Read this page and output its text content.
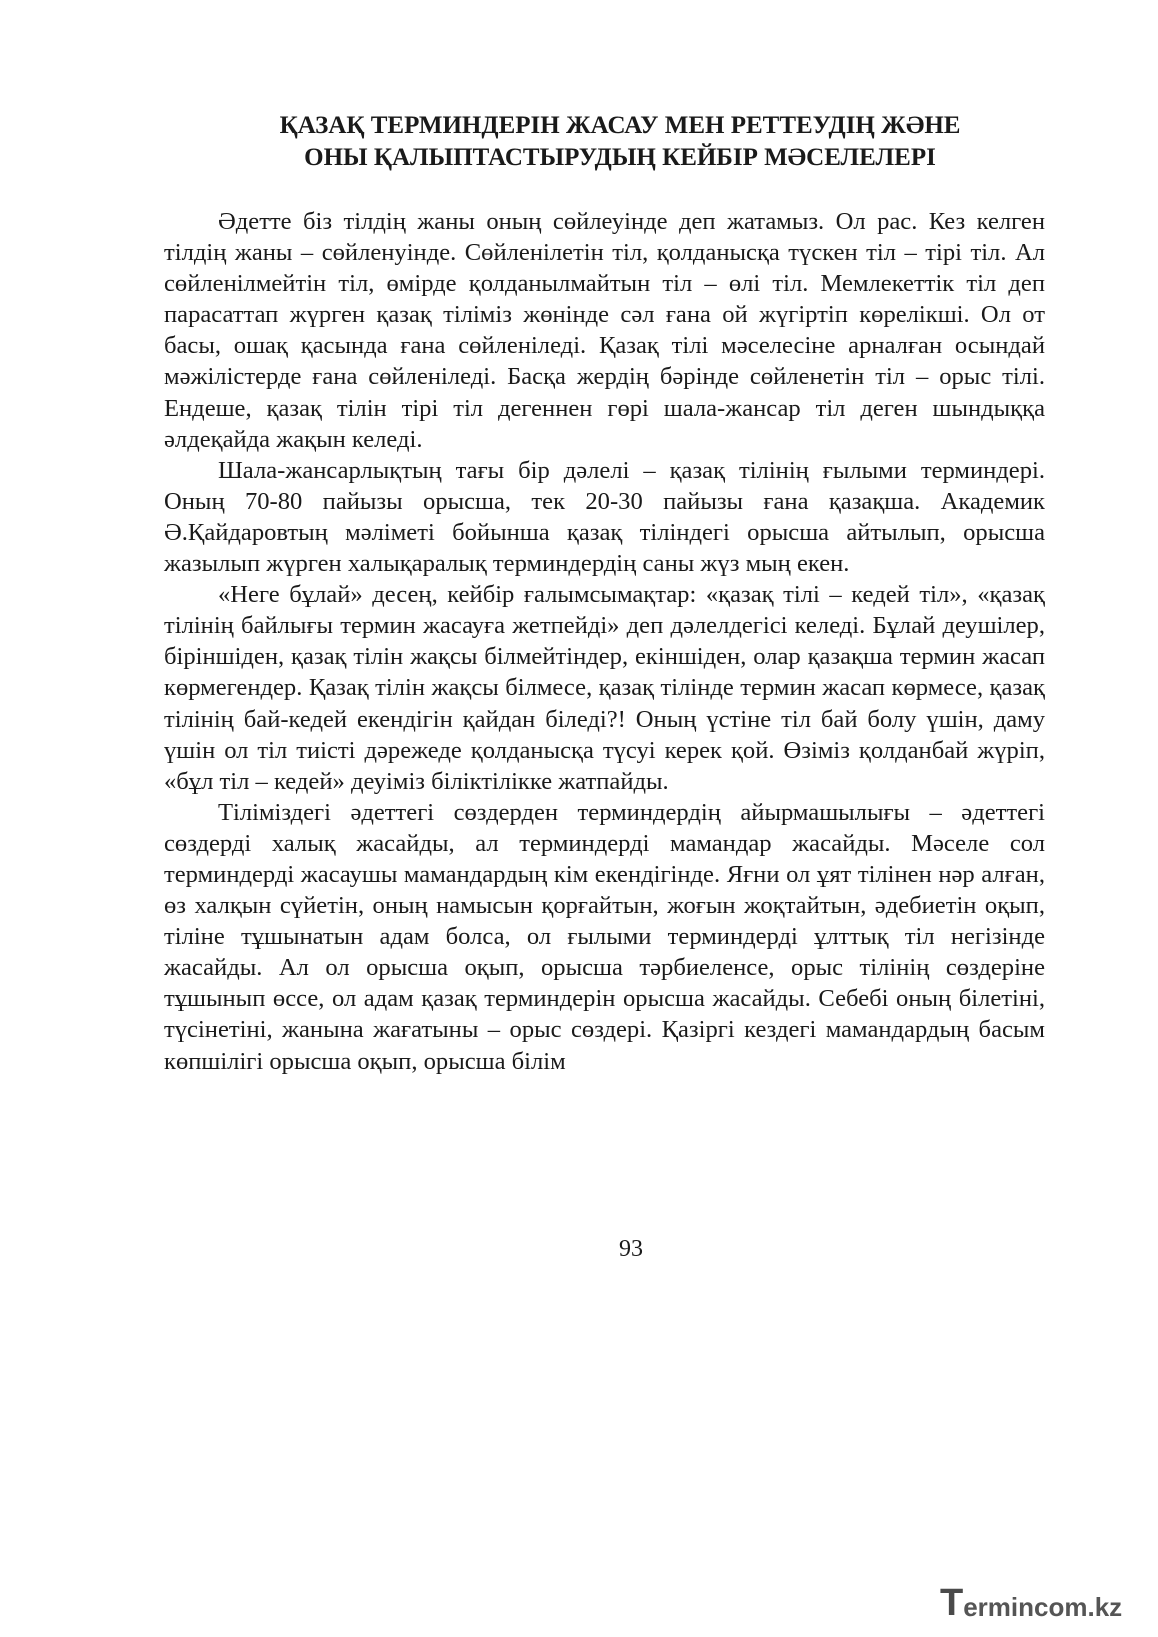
ҚАЗАҚ ТЕРМИНДЕРІН ЖАСАУ МЕН РЕТТЕУДІҢ ЖӘНЕ
ОНЫ ҚАЛЫПТАСТЫРУДЫҢ КЕЙБІР МӘСЕЛЕЛЕРІ

Әдетте біз тілдің жаны оның сөйлеуінде деп жатамыз. Ол рас. Кез келген тілдің жаны – сөйленуінде. Сөйленілетін тіл, қолданысқа түскен тіл – тірі тіл. Ал сөйленілмейтін тіл, өмірде қолданылмайтын тіл – өлі тіл. Мемлекеттік тіл деп парасаттап жүрген қазақ тіліміз жөнінде сәл ғана ой жүгіртіп көрелікші. Ол от басы, ошақ қасында ғана сөйленіледі. Қазақ тілі мәселесіне арналған осындай мәжілістерде ғана сөйленіледі. Басқа жердің бәрінде сөйленетін тіл – орыс тілі. Ендеше, қазақ тілін тірі тіл дегеннен гөрі шала-жансар тіл деген шындыққа әлдеқайда жақын келеді.

Шала-жансарлықтың тағы бір дәлелі – қазақ тілінің ғылыми терминдері. Оның 70-80 пайызы орысша, тек 20-30 пайызы ғана қазақша. Академик Ә.Қайдаровтың мәліметі бойынша қазақ тіліндегі орысша айтылып, орысша жазылып жүрген халықаралық терминдердің саны жүз мың екен.

«Неге бұлай» десең, кейбір ғалымсымақтар: «қазақ тілі – кедей тіл», «қазақ тілінің байлығы термин жасауға жетпейді» деп дәлелдегісі келеді. Бұлай деушілер, біріншіден, қазақ тілін жақсы білмейтіндер, екіншіден, олар қазақша термин жасап көрмегендер. Қазақ тілін жақсы білмесе, қазақ тілінде термин жасап көрмесе, қазақ тілінің бай-кедей екендігін қайдан біледі?! Оның үстіне тіл бай болу үшін, даму үшін ол тіл тиісті дәрежеде қолданысқа түсуі керек қой. Өзіміз қолданбай жүріп, «бұл тіл – кедей» деуіміз біліктілікке жатпайды.

Тіліміздегі әдеттегі сөздерден терминдердің айырмашылығы – әдеттегі сөздерді халық жасайды, ал терминдерді мамандар жасайды. Мәселе сол терминдерді жасаушы мамандардың кім екендігінде. Яғни ол ұят тілінен нәр алған, өз халқын сүйетін, оның намысын қорғайтын, жоғын жоқтайтын, әдебиетін оқып, тіліне тұшынатын адам болса, ол ғылыми терминдерді ұлттық тіл негізінде жасайды. Ал ол орысша оқып, орысша тәрбиеленсе, орыс тілінің сөздеріне тұшынып өссе, ол адам қазақ терминдерін орысша жасайды. Себебі оның білетіні, түсінетіні, жанына жағатыны – орыс сөздері. Қазіргі кездегі мамандардың басым көпшілігі орысша оқып, орысша білім

93
T ermincom.kz
